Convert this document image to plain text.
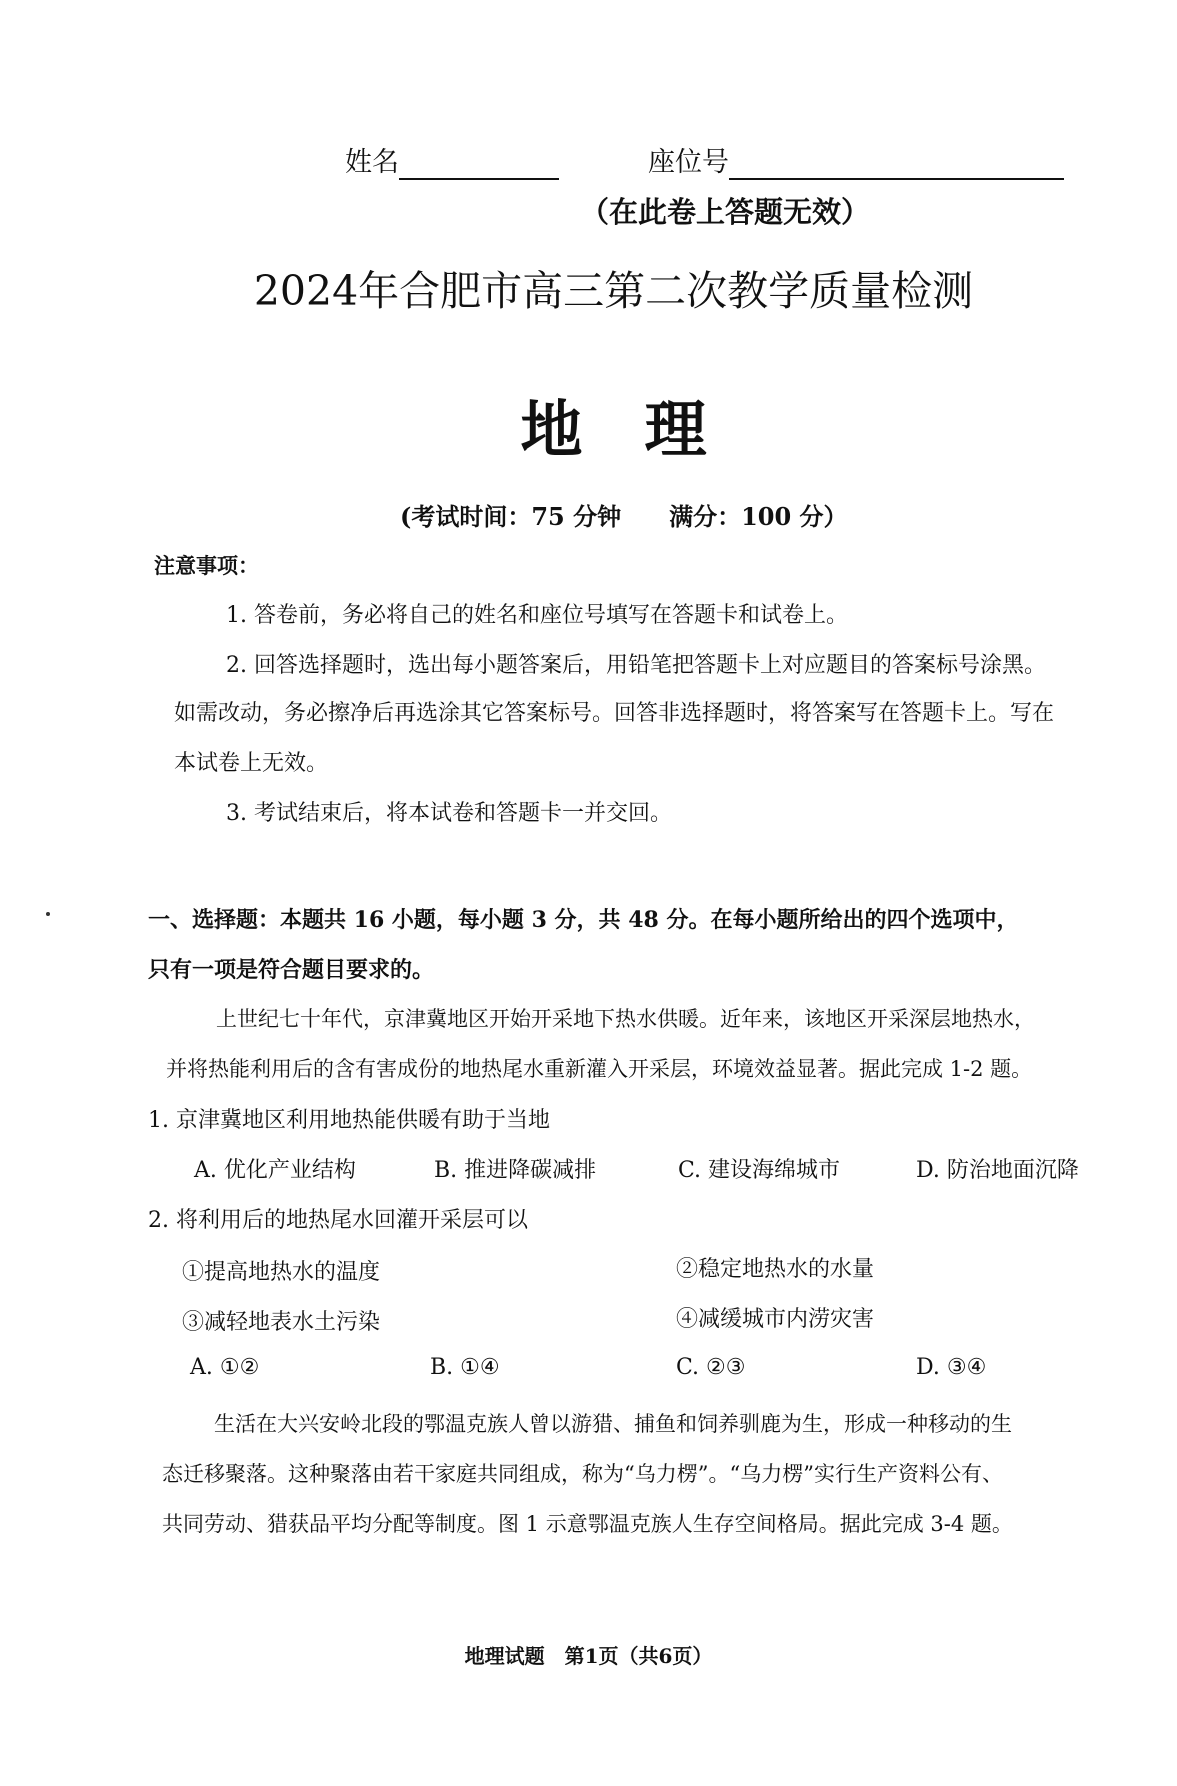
姓名	座位号
（在此卷上答题无效）
2024年合肥市高三第二次教学质量检测
地　理
(考试时间：75 分钟　　满分：100 分）
注意事项：
1. 答卷前，务必将自己的姓名和座位号填写在答题卡和试卷上。
2. 回答选择题时，选出每小题答案后，用铅笔把答题卡上对应题目的答案标号涂黑。
如需改动，务必擦净后再选涂其它答案标号。回答非选择题时，将答案写在答题卡上。写在
本试卷上无效。
3. 考试结束后，将本试卷和答题卡一并交回。
一、选择题：本题共 16 小题，每小题 3 分，共 48 分。在每小题所给出的四个选项中，
只有一项是符合题目要求的。
上世纪七十年代，京津冀地区开始开采地下热水供暖。近年来，该地区开采深层地热水，
并将热能利用后的含有害成份的地热尾水重新灌入开采层，环境效益显著。据此完成 1-2 题。
1. 京津冀地区利用地热能供暖有助于当地
A. 优化产业结构	B. 推进降碳减排	C. 建设海绵城市	D. 防治地面沉降
2. 将利用后的地热尾水回灌开采层可以
①提高地热水的温度	②稳定地热水的水量
③减轻地表水土污染	④减缓城市内涝灾害
A. ①②	B. ①④	C. ②③	D. ③④
生活在大兴安岭北段的鄂温克族人曾以游猎、捕鱼和饲养驯鹿为生，形成一种移动的生
态迁移聚落。这种聚落由若干家庭共同组成，称为“乌力楞”。“乌力楞”实行生产资料公有、
共同劳动、猎获品平均分配等制度。图 1 示意鄂温克族人生存空间格局。据此完成 3-4 题。
地理试题　第1页（共6页）
